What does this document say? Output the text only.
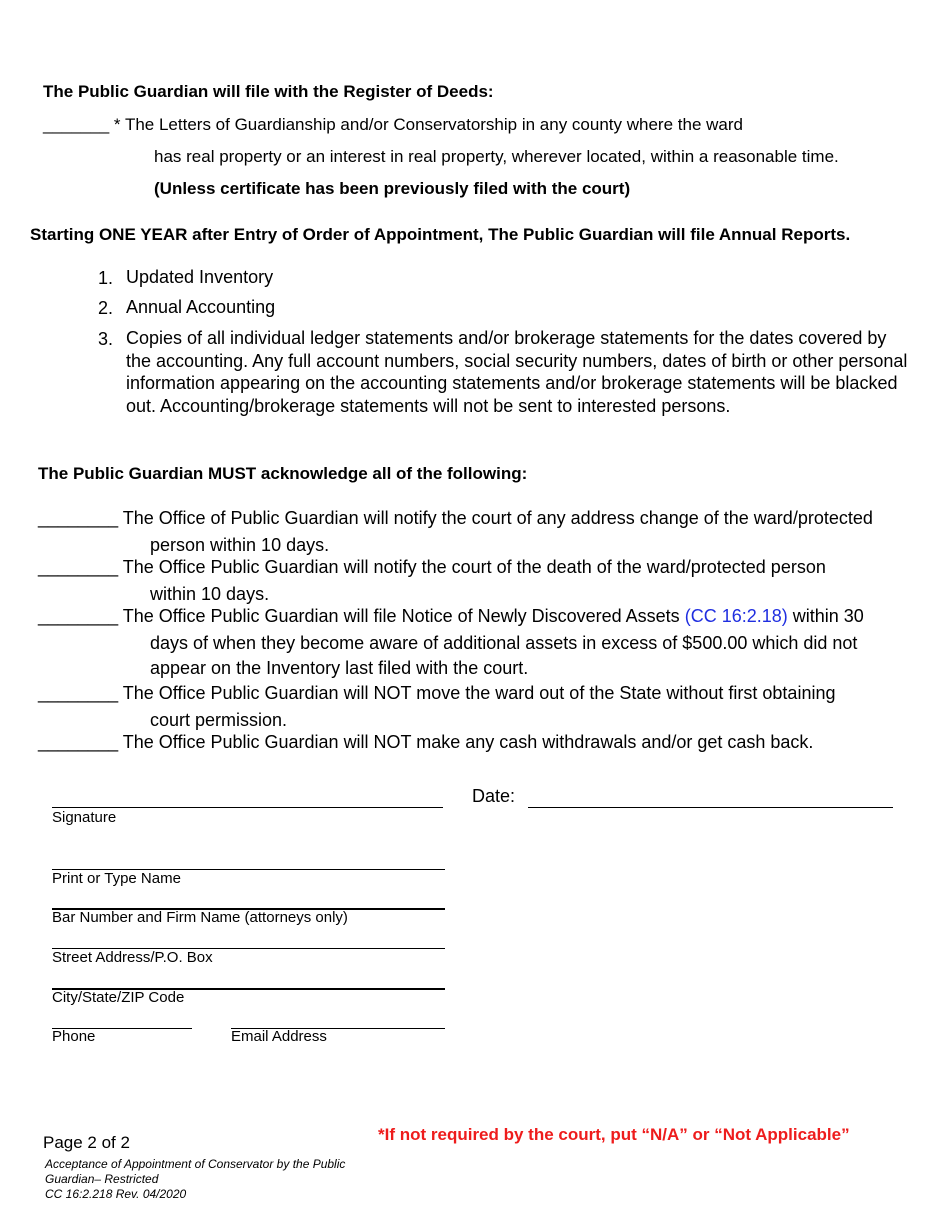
The Public Guardian will file with the Register of Deeds:
_______ * The Letters of Guardianship and/or Conservatorship in any county where the ward
has real property or an interest in real property, wherever located, within a reasonable time.
(Unless certificate has been previously filed with the court)
Starting ONE YEAR after Entry of Order of Appointment, The Public Guardian will file Annual Reports.
1. Updated Inventory
2. Annual Accounting
3. Copies of all individual ledger statements and/or brokerage statements for the dates covered by the accounting. Any full account numbers, social security numbers, dates of birth or other personal information appearing on the accounting statements and/or brokerage statements will be blacked out. Accounting/brokerage statements will not be sent to interested persons.
The Public Guardian MUST acknowledge all of the following:
________ The Office of Public Guardian will notify the court of any address change of the ward/protected
person within 10 days.
________ The Office Public Guardian will notify the court of the death of the ward/protected person
within 10 days.
________ The Office Public Guardian will file Notice of Newly Discovered Assets (CC 16:2.18) within 30
days of when they become aware of additional assets in excess of $500.00 which did not
appear on the Inventory last filed with the court.
________ The Office Public Guardian will NOT move the ward out of the State without first obtaining
court permission.
________ The Office Public Guardian will NOT make any cash withdrawals and/or get cash back.
Signature
Date:
Print or Type Name
Bar Number and Firm Name (attorneys only)
Street Address/P.O. Box
City/State/ZIP Code
Phone	Email Address
Page 2 of 2
Acceptance of Appointment of Conservator by the Public
Guardian– Restricted
CC 16:2.218 Rev. 04/2020
*If not required by the court, put “N/A” or “Not Applicable”
